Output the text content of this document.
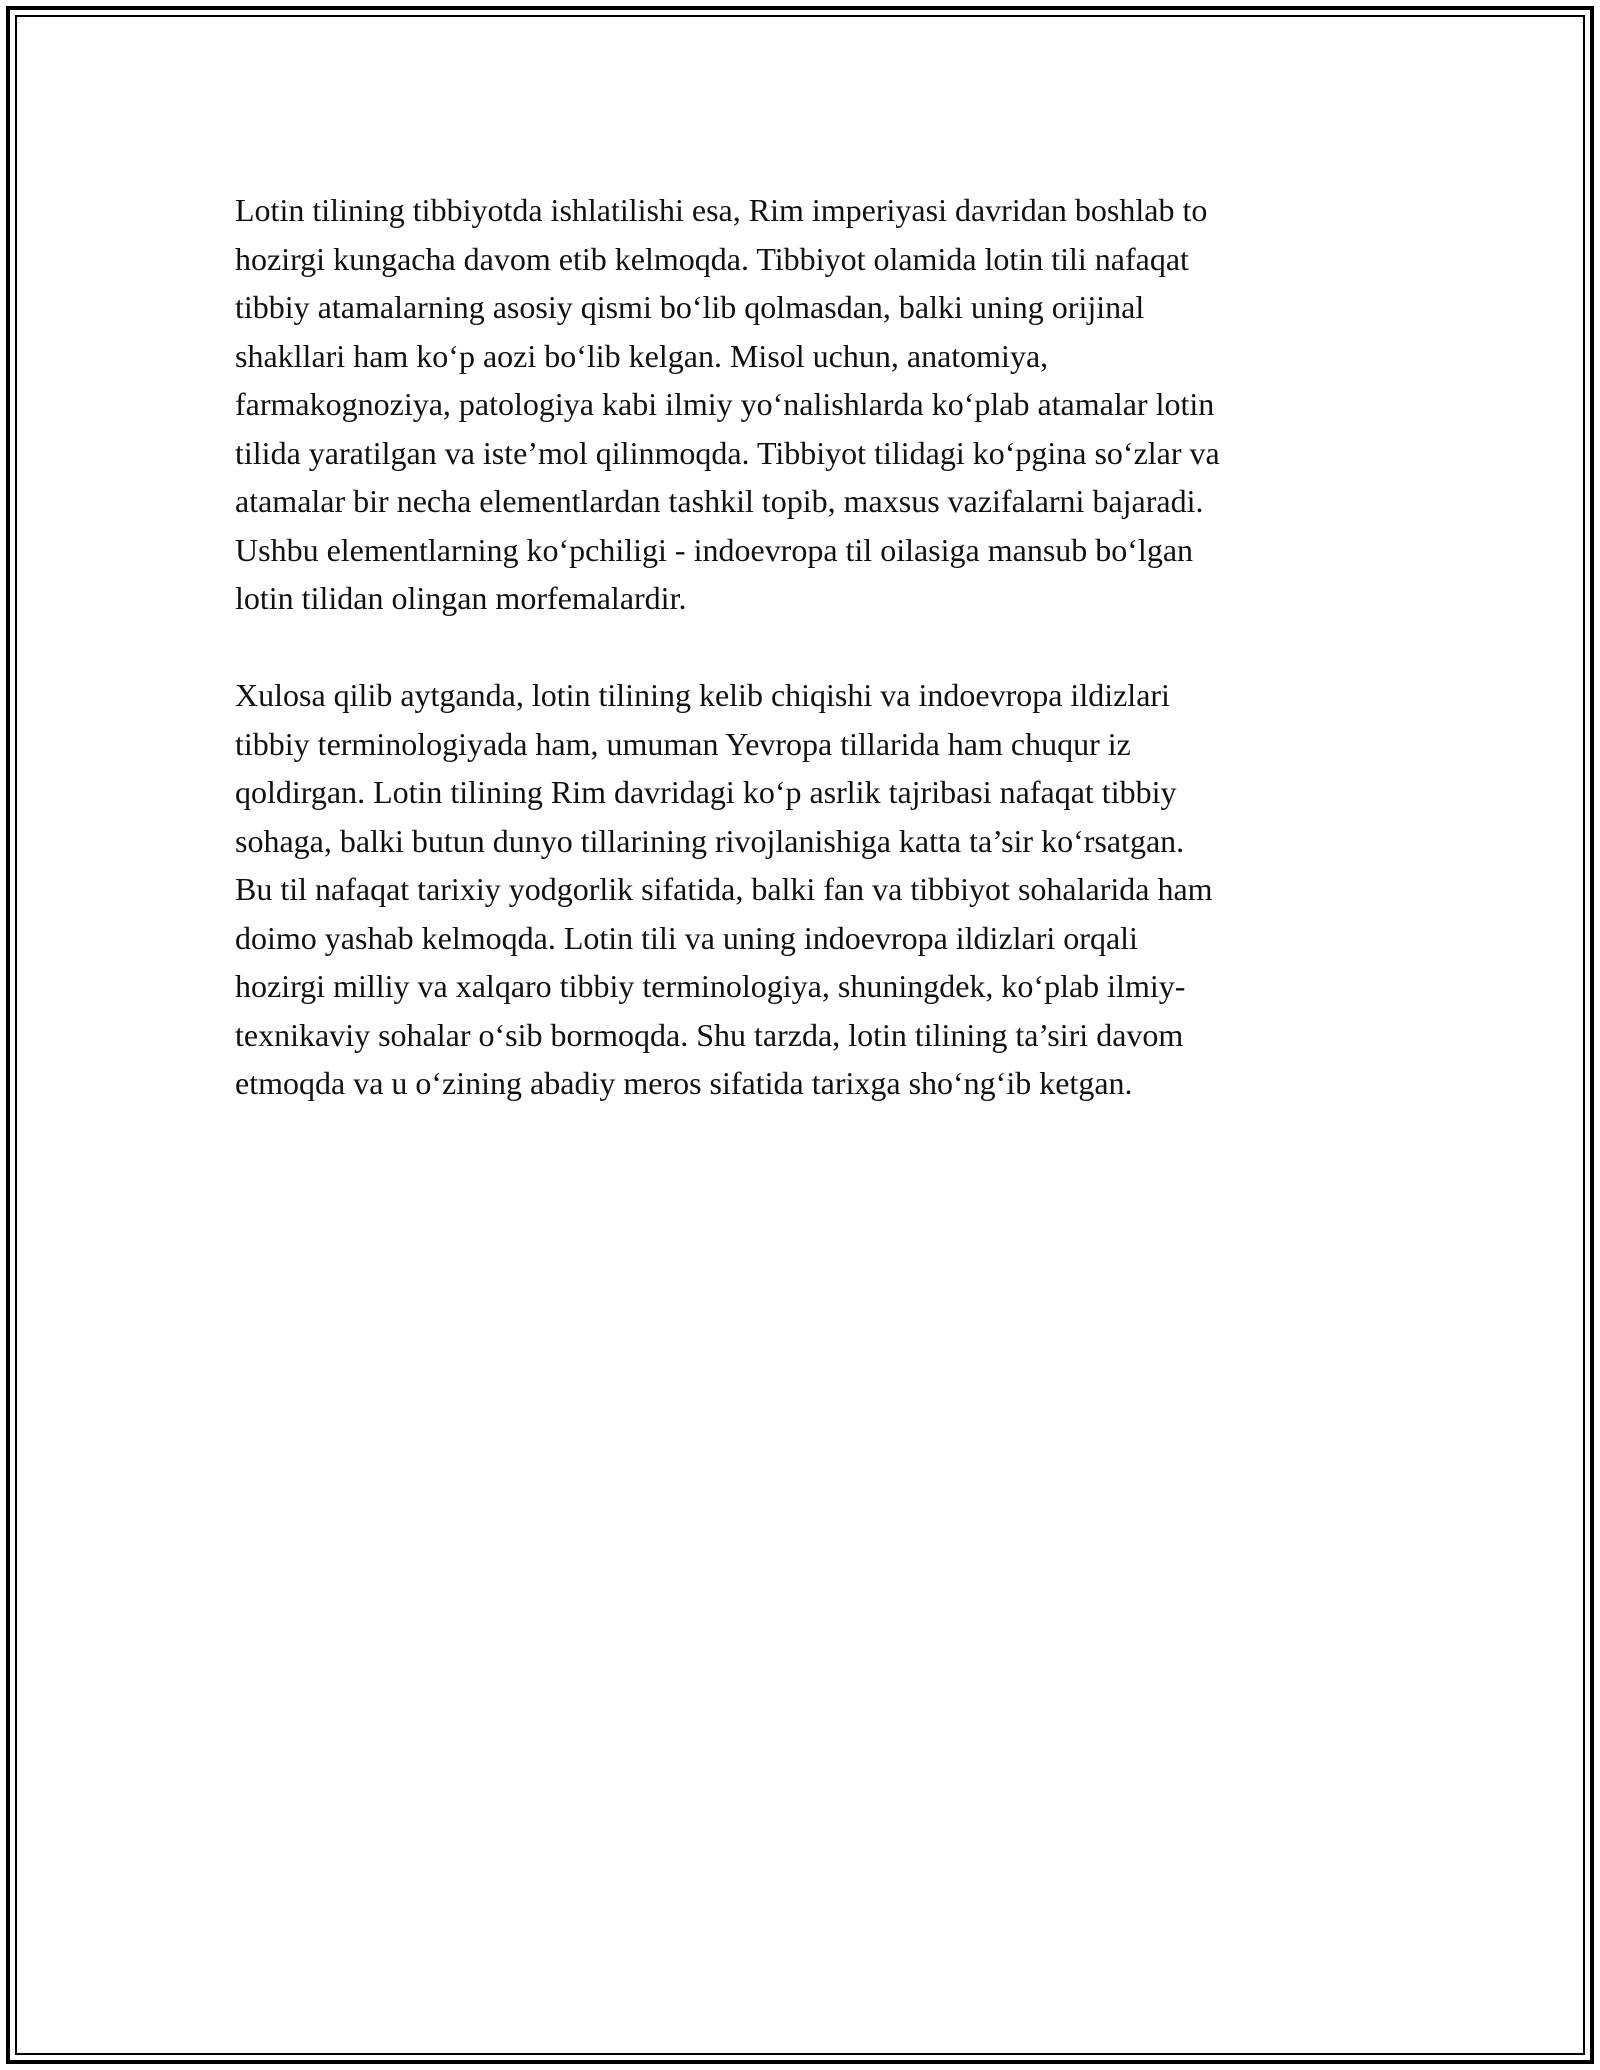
Lotin tilining tibbiyotda ishlatilishi esa, Rim imperiyasi davridan boshlab to
hozirgi kungacha davom etib kelmoqda. Tibbiyot olamida lotin tili nafaqat
tibbiy atamalarning asosiy qismi bo‘lib qolmasdan, balki uning orijinal
shakllari ham ko‘p aozi bo‘lib kelgan. Misol uchun, anatomiya,
farmakognoziya, patologiya kabi ilmiy yo‘nalishlarda ko‘plab atamalar lotin
tilida yaratilgan va iste’mol qilinmoqda. Tibbiyot tilidagi ko‘pgina so‘zlar va
atamalar bir necha elementlardan tashkil topib, maxsus vazifalarni bajaradi.
Ushbu elementlarning ko‘pchiligi - indoevropa til oilasiga mansub bo‘lgan
lotin tilidan olingan morfemalardir.

Xulosa qilib aytganda, lotin tilining kelib chiqishi va indoevropa ildizlari
tibbiy terminologiyada ham, umuman Yevropa tillarida ham chuqur iz
qoldirgan. Lotin tilining Rim davridagi ko‘p asrlik tajribasi nafaqat tibbiy
sohaga, balki butun dunyo tillarining rivojlanishiga katta ta’sir ko‘rsatgan.
Bu til nafaqat tarixiy yodgorlik sifatida, balki fan va tibbiyot sohalarida ham
doimo yashab kelmoqda. Lotin tili va uning indoevropa ildizlari orqali
hozirgi milliy va xalqaro tibbiy terminologiya, shuningdek, ko‘plab ilmiy-
texnikaviy sohalar o‘sib bormoqda. Shu tarzda, lotin tilining ta’siri davom
etmoqda va u o‘zining abadiy meros sifatida tarixga sho‘ng‘ib ketgan.
